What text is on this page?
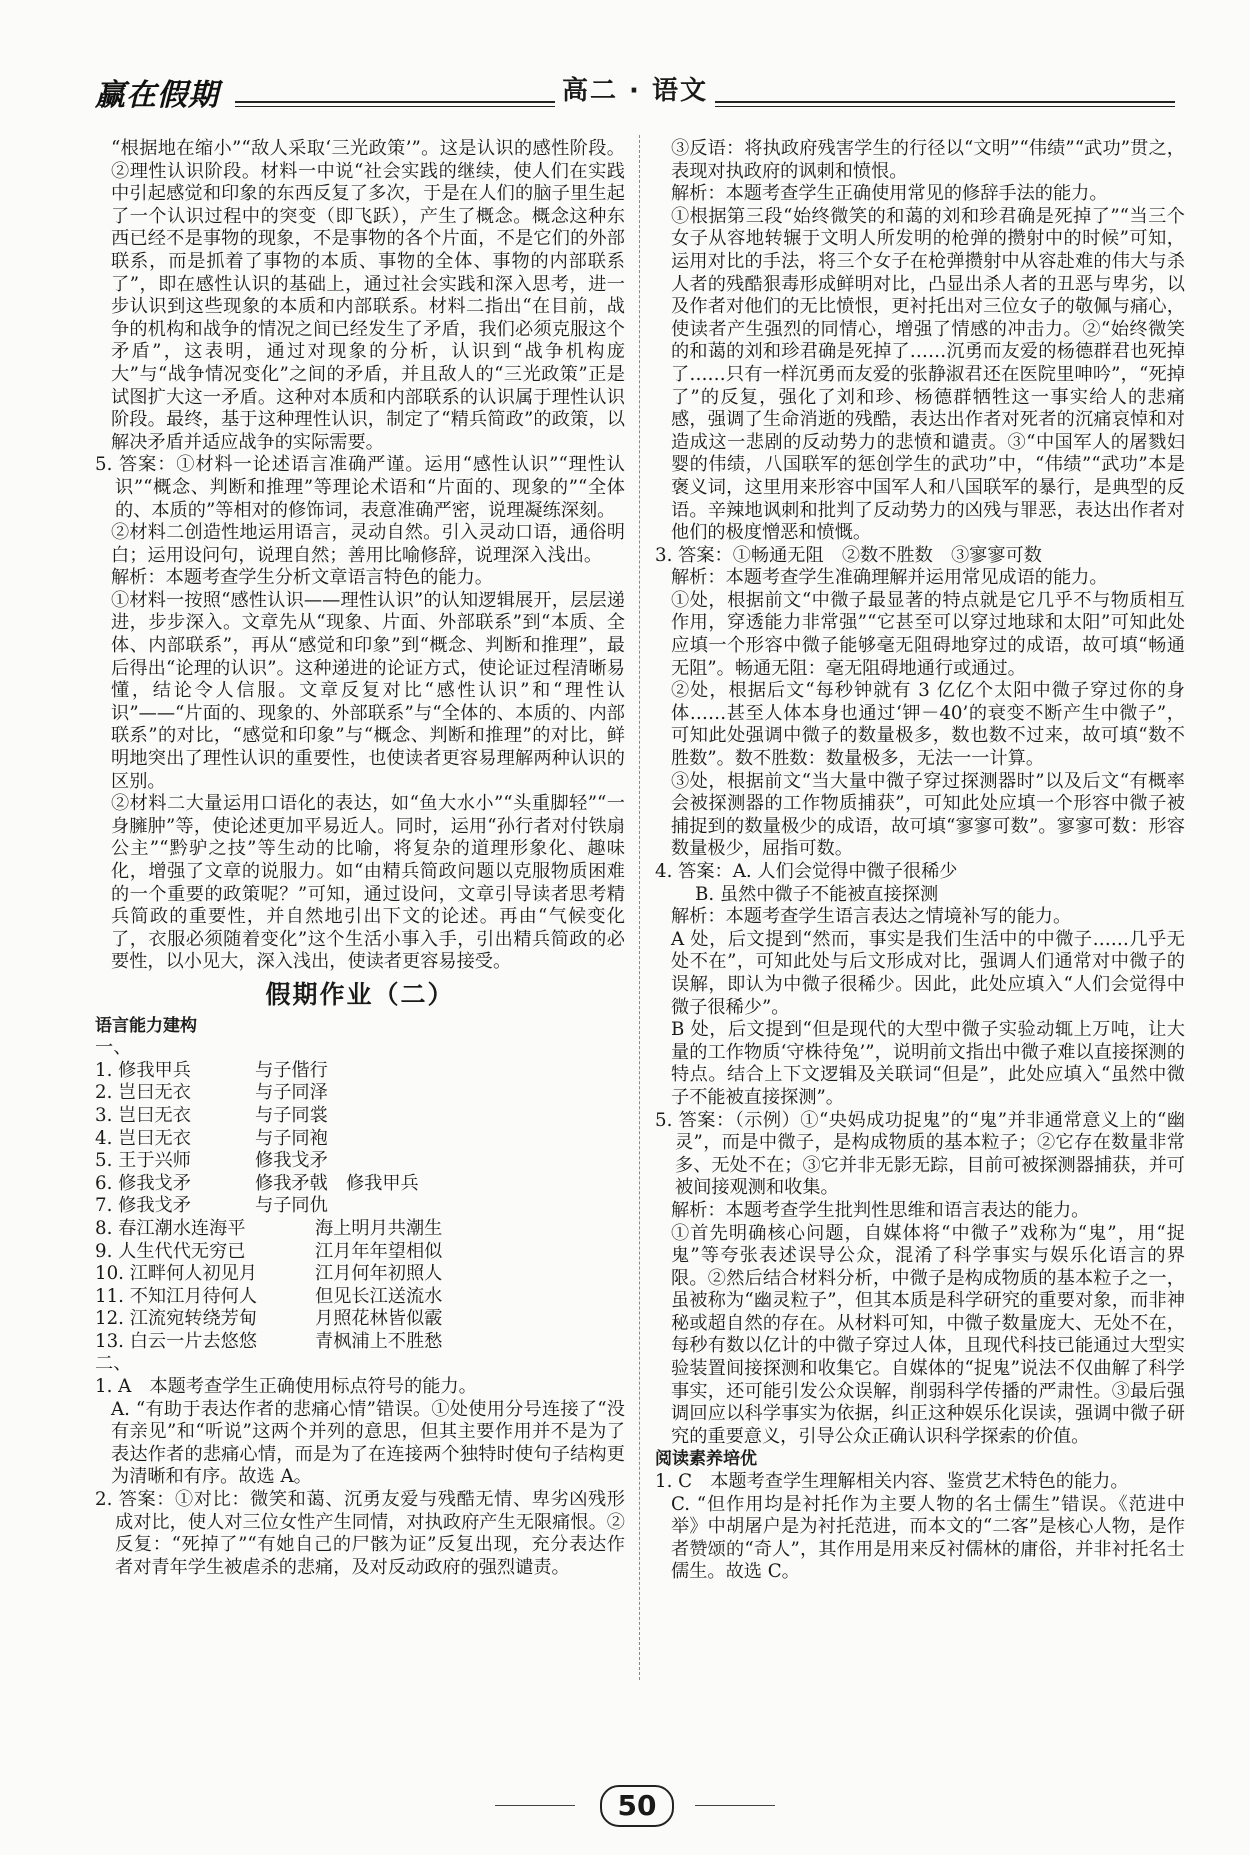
赢在假期	高二 · 语文

“根据地在缩小”“敌人采取‘三光政策’”。这是认识的感性阶段。②理性认识阶段。材料一中说“社会实践的继续，使人们在实践中引起感觉和印象的东西反复了多次，于是在人们的脑子里生起了一个认识过程中的突变（即飞跃），产生了概念。概念这种东西已经不是事物的现象，不是事物的各个片面，不是它们的外部联系，而是抓着了事物的本质、事物的全体、事物的内部联系了”，即在感性认识的基础上，通过社会实践和深入思考，进一步认识到这些现象的本质和内部联系。材料二指出“在目前，战争的机构和战争的情况之间已经发生了矛盾，我们必须克服这个矛盾”，这表明，通过对现象的分析，认识到“战争机构庞大”与“战争情况变化”之间的矛盾，并且敌人的“三光政策”正是试图扩大这一矛盾。这种对本质和内部联系的认识属于理性认识阶段。最终，基于这种理性认识，制定了“精兵简政”的政策，以解决矛盾并适应战争的实际需要。

5. 答案：①材料一论述语言准确严谨。运用“感性认识”“理性认识”“概念、判断和推理”等理论术语和“片面的、现象的”“全体的、本质的”等相对的修饰词，表意准确严密，说理凝练深刻。

②材料二创造性地运用语言，灵动自然。引入灵动口语，通俗明白；运用设问句，说理自然；善用比喻修辞，说理深入浅出。

解析：本题考查学生分析文章语言特色的能力。

①材料一按照“感性认识——理性认识”的认知逻辑展开，层层递进，步步深入。文章先从“现象、片面、外部联系”到“本质、全体、内部联系”，再从“感觉和印象”到“概念、判断和推理”，最后得出“论理的认识”。这种递进的论证方式，使论证过程清晰易懂，结论令人信服。文章反复对比“感性认识”和“理性认识”——“片面的、现象的、外部联系”与“全体的、本质的、内部联系”的对比，“感觉和印象”与“概念、判断和推理”的对比，鲜明地突出了理性认识的重要性，也使读者更容易理解两种认识的区别。

②材料二大量运用口语化的表达，如“鱼大水小”“头重脚轻”“一身臃肿”等，使论述更加平易近人。同时，运用“孙行者对付铁扇公主”“黔驴之技”等生动的比喻，将复杂的道理形象化、趣味化，增强了文章的说服力。如“由精兵简政问题以克服物质困难的一个重要的政策呢？”可知，通过设问，文章引导读者思考精兵简政的重要性，并自然地引出下文的论述。再由“气候变化了，衣服必须随着变化”这个生活小事入手，引出精兵简政的必要性，以小见大，深入浅出，使读者更容易接受。

假期作业（二）
语言能力建构

一、

1. 修我甲兵	与子偕行
2. 岂曰无衣	与子同泽
3. 岂曰无衣	与子同裳
4. 岂曰无衣	与子同袍
5. 王于兴师	修我戈矛
6. 修我戈矛	修我矛戟　修我甲兵
7. 修我戈矛	与子同仇
8. 春江潮水连海平	海上明月共潮生
9. 人生代代无穷已	江月年年望相似
10. 江畔何人初见月	江月何年初照人
11. 不知江月待何人	但见长江送流水
12. 江流宛转绕芳甸	月照花林皆似霰
13. 白云一片去悠悠	青枫浦上不胜愁

二、

1. A　本题考查学生正确使用标点符号的能力。

A. “有助于表达作者的悲痛心情”错误。①处使用分号连接了“没有亲见”和“听说”这两个并列的意思，但其主要作用并不是为了表达作者的悲痛心情，而是为了在连接两个独特时使句子结构更为清晰和有序。故选 A。

2. 答案：①对比：微笑和蔼、沉勇友爱与残酷无情、卑劣凶残形成对比，使人对三位女性产生同情，对执政府产生无限痛恨。②反复：“死掉了”“有她自己的尸骸为证”反复出现，充分表达作者对青年学生被虐杀的悲痛，及对反动政府的强烈谴责。

③反语：将执政府残害学生的行径以“文明”“伟绩”“武功”贯之，表现对执政府的讽刺和愤恨。

解析：本题考查学生正确使用常见的修辞手法的能力。

①根据第三段“始终微笑的和蔼的刘和珍君确是死掉了”“当三个女子从容地转辗于文明人所发明的枪弹的攒射中的时候”可知，运用对比的手法，将三个女子在枪弹攒射中从容赴难的伟大与杀人者的残酷狠毒形成鲜明对比，凸显出杀人者的丑恶与卑劣，以及作者对他们的无比愤恨，更衬托出对三位女子的敬佩与痛心，使读者产生强烈的同情心，增强了情感的冲击力。②“始终微笑的和蔼的刘和珍君确是死掉了……沉勇而友爱的杨德群君也死掉了……只有一样沉勇而友爱的张静淑君还在医院里呻吟”，“死掉了”的反复，强化了刘和珍、杨德群牺牲这一事实给人的悲痛感，强调了生命消逝的残酷，表达出作者对死者的沉痛哀悼和对造成这一悲剧的反动势力的悲愤和谴责。③“中国军人的屠戮妇婴的伟绩，八国联军的惩创学生的武功”中，“伟绩”“武功”本是褒义词，这里用来形容中国军人和八国联军的暴行，是典型的反语。辛辣地讽刺和批判了反动势力的凶残与罪恶，表达出作者对他们的极度憎恶和愤慨。

3. 答案：①畅通无阻　②数不胜数　③寥寥可数

解析：本题考查学生准确理解并运用常见成语的能力。

①处，根据前文“中微子最显著的特点就是它几乎不与物质相互作用，穿透能力非常强”“它甚至可以穿过地球和太阳”可知此处应填一个形容中微子能够毫无阻碍地穿过的成语，故可填“畅通无阻”。畅通无阻：毫无阻碍地通行或通过。

②处，根据后文“每秒钟就有 3 亿亿个太阳中微子穿过你的身体……甚至人体本身也通过‘钾－40’的衰变不断产生中微子”，可知此处强调中微子的数量极多，数也数不过来，故可填“数不胜数”。数不胜数：数量极多，无法一一计算。

③处，根据前文“当大量中微子穿过探测器时”以及后文“有概率会被探测器的工作物质捕获”，可知此处应填一个形容中微子被捕捉到的数量极少的成语，故可填“寥寥可数”。寥寥可数：形容数量极少，屈指可数。

4. 答案：A. 人们会觉得中微子很稀少

B. 虽然中微子不能被直接探测

解析：本题考查学生语言表达之情境补写的能力。

A 处，后文提到“然而，事实是我们生活中的中微子……几乎无处不在”，可知此处与后文形成对比，强调人们通常对中微子的误解，即认为中微子很稀少。因此，此处应填入“人们会觉得中微子很稀少”。

B 处，后文提到“但是现代的大型中微子实验动辄上万吨，让大量的工作物质‘守株待兔’”，说明前文指出中微子难以直接探测的特点。结合上下文逻辑及关联词“但是”，此处应填入“虽然中微子不能被直接探测”。

5. 答案：（示例）①“央妈成功捉鬼”的“鬼”并非通常意义上的“幽灵”，而是中微子，是构成物质的基本粒子；②它存在数量非常多、无处不在；③它并非无影无踪，目前可被探测器捕获，并可被间接观测和收集。

解析：本题考查学生批判性思维和语言表达的能力。

①首先明确核心问题，自媒体将“中微子”戏称为“鬼”，用“捉鬼”等夸张表述误导公众，混淆了科学事实与娱乐化语言的界限。②然后结合材料分析，中微子是构成物质的基本粒子之一，虽被称为“幽灵粒子”，但其本质是科学研究的重要对象，而非神秘或超自然的存在。从材料可知，中微子数量庞大、无处不在，每秒有数以亿计的中微子穿过人体，且现代科技已能通过大型实验装置间接探测和收集它。自媒体的“捉鬼”说法不仅曲解了科学事实，还可能引发公众误解，削弱科学传播的严肃性。③最后强调回应以科学事实为依据，纠正这种娱乐化误读，强调中微子研究的重要意义，引导公众正确认识科学探索的价值。

阅读素养培优

1. C　本题考查学生理解相关内容、鉴赏艺术特色的能力。

C. “但作用均是衬托作为主要人物的名士儒生”错误。《范进中举》中胡屠户是为衬托范进，而本文的“二客”是核心人物，是作者赞颂的“奇人”，其作用是用来反衬儒林的庸俗，并非衬托名士儒生。故选 C。

50
